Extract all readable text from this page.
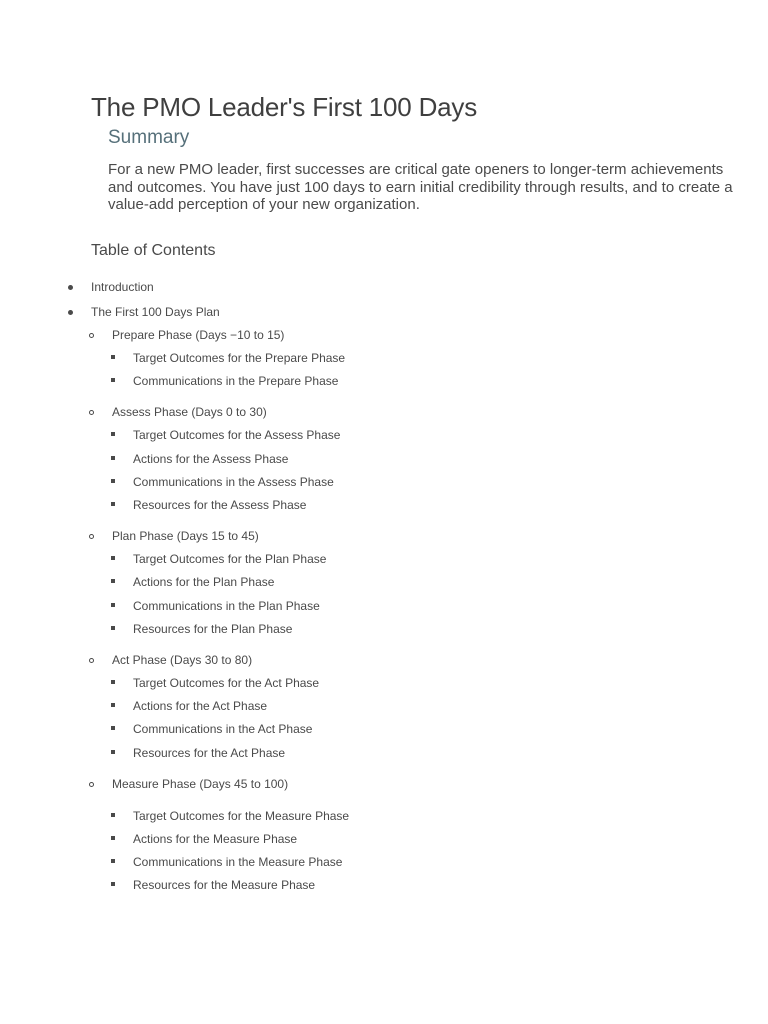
The PMO Leader's First 100 Days
Summary

For a new PMO leader, first successes are critical gate openers to longer-term achievements and outcomes. You have just 100 days to earn initial credibility through results, and to create a value-add perception of your new organization.

Table of Contents
Introduction
The First 100 Days Plan
Prepare Phase (Days −10 to 15)
Target Outcomes for the Prepare Phase
Communications in the Prepare Phase
Assess Phase (Days 0 to 30)
Target Outcomes for the Assess Phase
Actions for the Assess Phase
Communications in the Assess Phase
Resources for the Assess Phase
Plan Phase (Days 15 to 45)
Target Outcomes for the Plan Phase
Actions for the Plan Phase
Communications in the Plan Phase
Resources for the Plan Phase
Act Phase (Days 30 to 80)
Target Outcomes for the Act Phase
Actions for the Act Phase
Communications in the Act Phase
Resources for the Act Phase
Measure Phase (Days 45 to 100)
Target Outcomes for the Measure Phase
Actions for the Measure Phase
Communications in the Measure Phase
Resources for the Measure Phase
